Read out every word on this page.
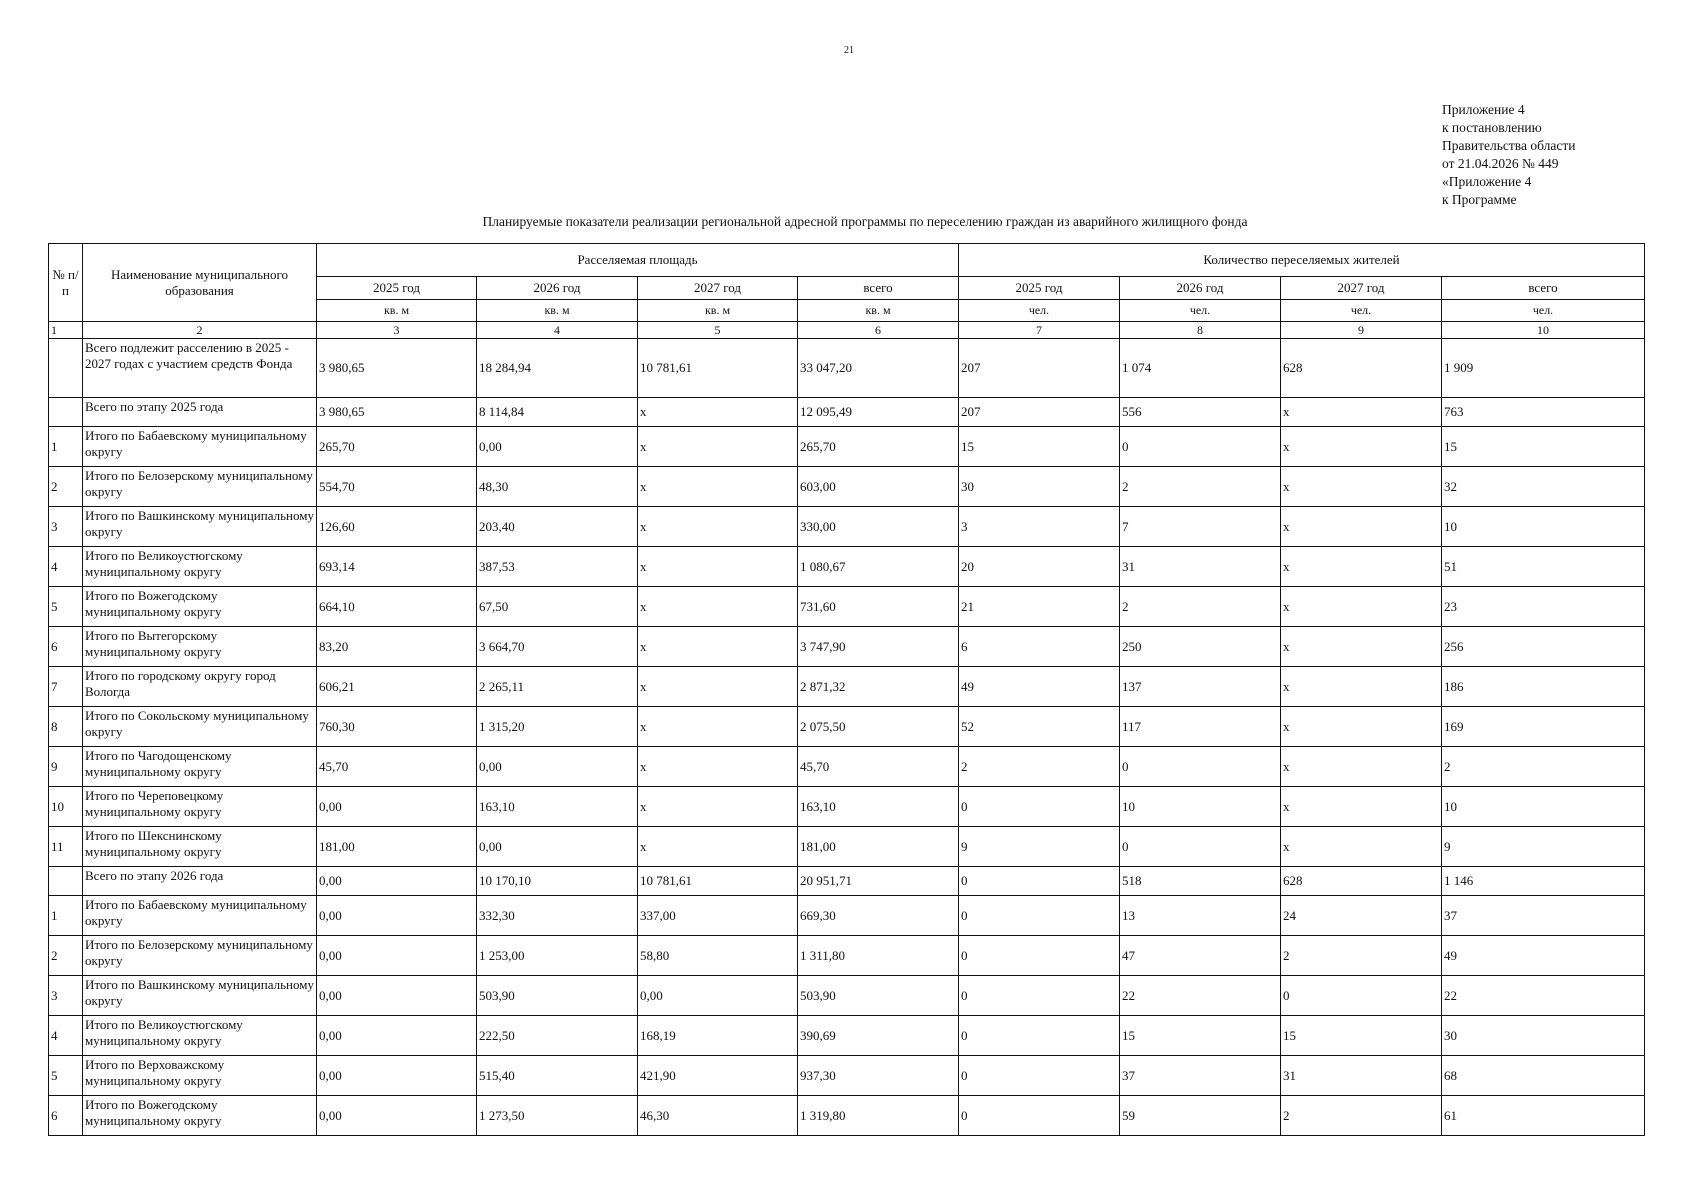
21
Приложение 4
к постановлению
Правительства области
от 21.04.2026 № 449
«Приложение 4
к Программе
Планируемые показатели реализации региональной адресной программы по переселению граждан из аварийного жилищного фонда
№ п/п	Наименование муниципального образования	Расселяемая площадь				Количество переселяемых жителей			
		2025 год	2026 год	2027 год	всего	2025 год	2026 год	2027 год	всего
		кв. м	кв. м	кв. м	кв. м	чел.	чел.	чел.	чел.
1	2	3	4	5	6	7	8	9	10
	Всего подлежит расселению в 2025 - 2027 годах с участием средств Фонда	3 980,65	18 284,94	10 781,61	33 047,20	207	1 074	628	1 909
	Всего по этапу 2025 года	3 980,65	8 114,84	х	12 095,49	207	556	х	763
1	Итого по Бабаевскому муниципальному округу	265,70	0,00	х	265,70	15	0	х	15
2	Итого по Белозерскому муниципальному округу	554,70	48,30	х	603,00	30	2	х	32
3	Итого по Вашкинскому муниципальному округу	126,60	203,40	х	330,00	3	7	х	10
4	Итого по Великоустюгскому муниципальному округу	693,14	387,53	х	1 080,67	20	31	х	51
5	Итого по Вожегодскому муниципальному округу	664,10	67,50	х	731,60	21	2	х	23
6	Итого по Вытегорскому муниципальному округу	83,20	3 664,70	х	3 747,90	6	250	х	256
7	Итого по городскому округу город Вологда	606,21	2 265,11	х	2 871,32	49	137	х	186
8	Итого по Сокольскому муниципальному округу	760,30	1 315,20	х	2 075,50	52	117	х	169
9	Итого по Чагодощенскому муниципальному округу	45,70	0,00	х	45,70	2	0	х	2
10	Итого по Череповецкому муниципальному округу	0,00	163,10	х	163,10	0	10	х	10
11	Итого по Шекснинскому муниципальному округу	181,00	0,00	х	181,00	9	0	х	9
	Всего по этапу 2026 года	0,00	10 170,10	10 781,61	20 951,71	0	518	628	1 146
1	Итого по Бабаевскому муниципальному округу	0,00	332,30	337,00	669,30	0	13	24	37
2	Итого по Белозерскому муниципальному округу	0,00	1 253,00	58,80	1 311,80	0	47	2	49
3	Итого по Вашкинскому муниципальному округу	0,00	503,90	0,00	503,90	0	22	0	22
4	Итого по Великоустюгскому муниципальному округу	0,00	222,50	168,19	390,69	0	15	15	30
5	Итого по Верховажскому муниципальному округу	0,00	515,40	421,90	937,30	0	37	31	68
6	Итого по Вожегодскому муниципальному округу	0,00	1 273,50	46,30	1 319,80	0	59	2	61
